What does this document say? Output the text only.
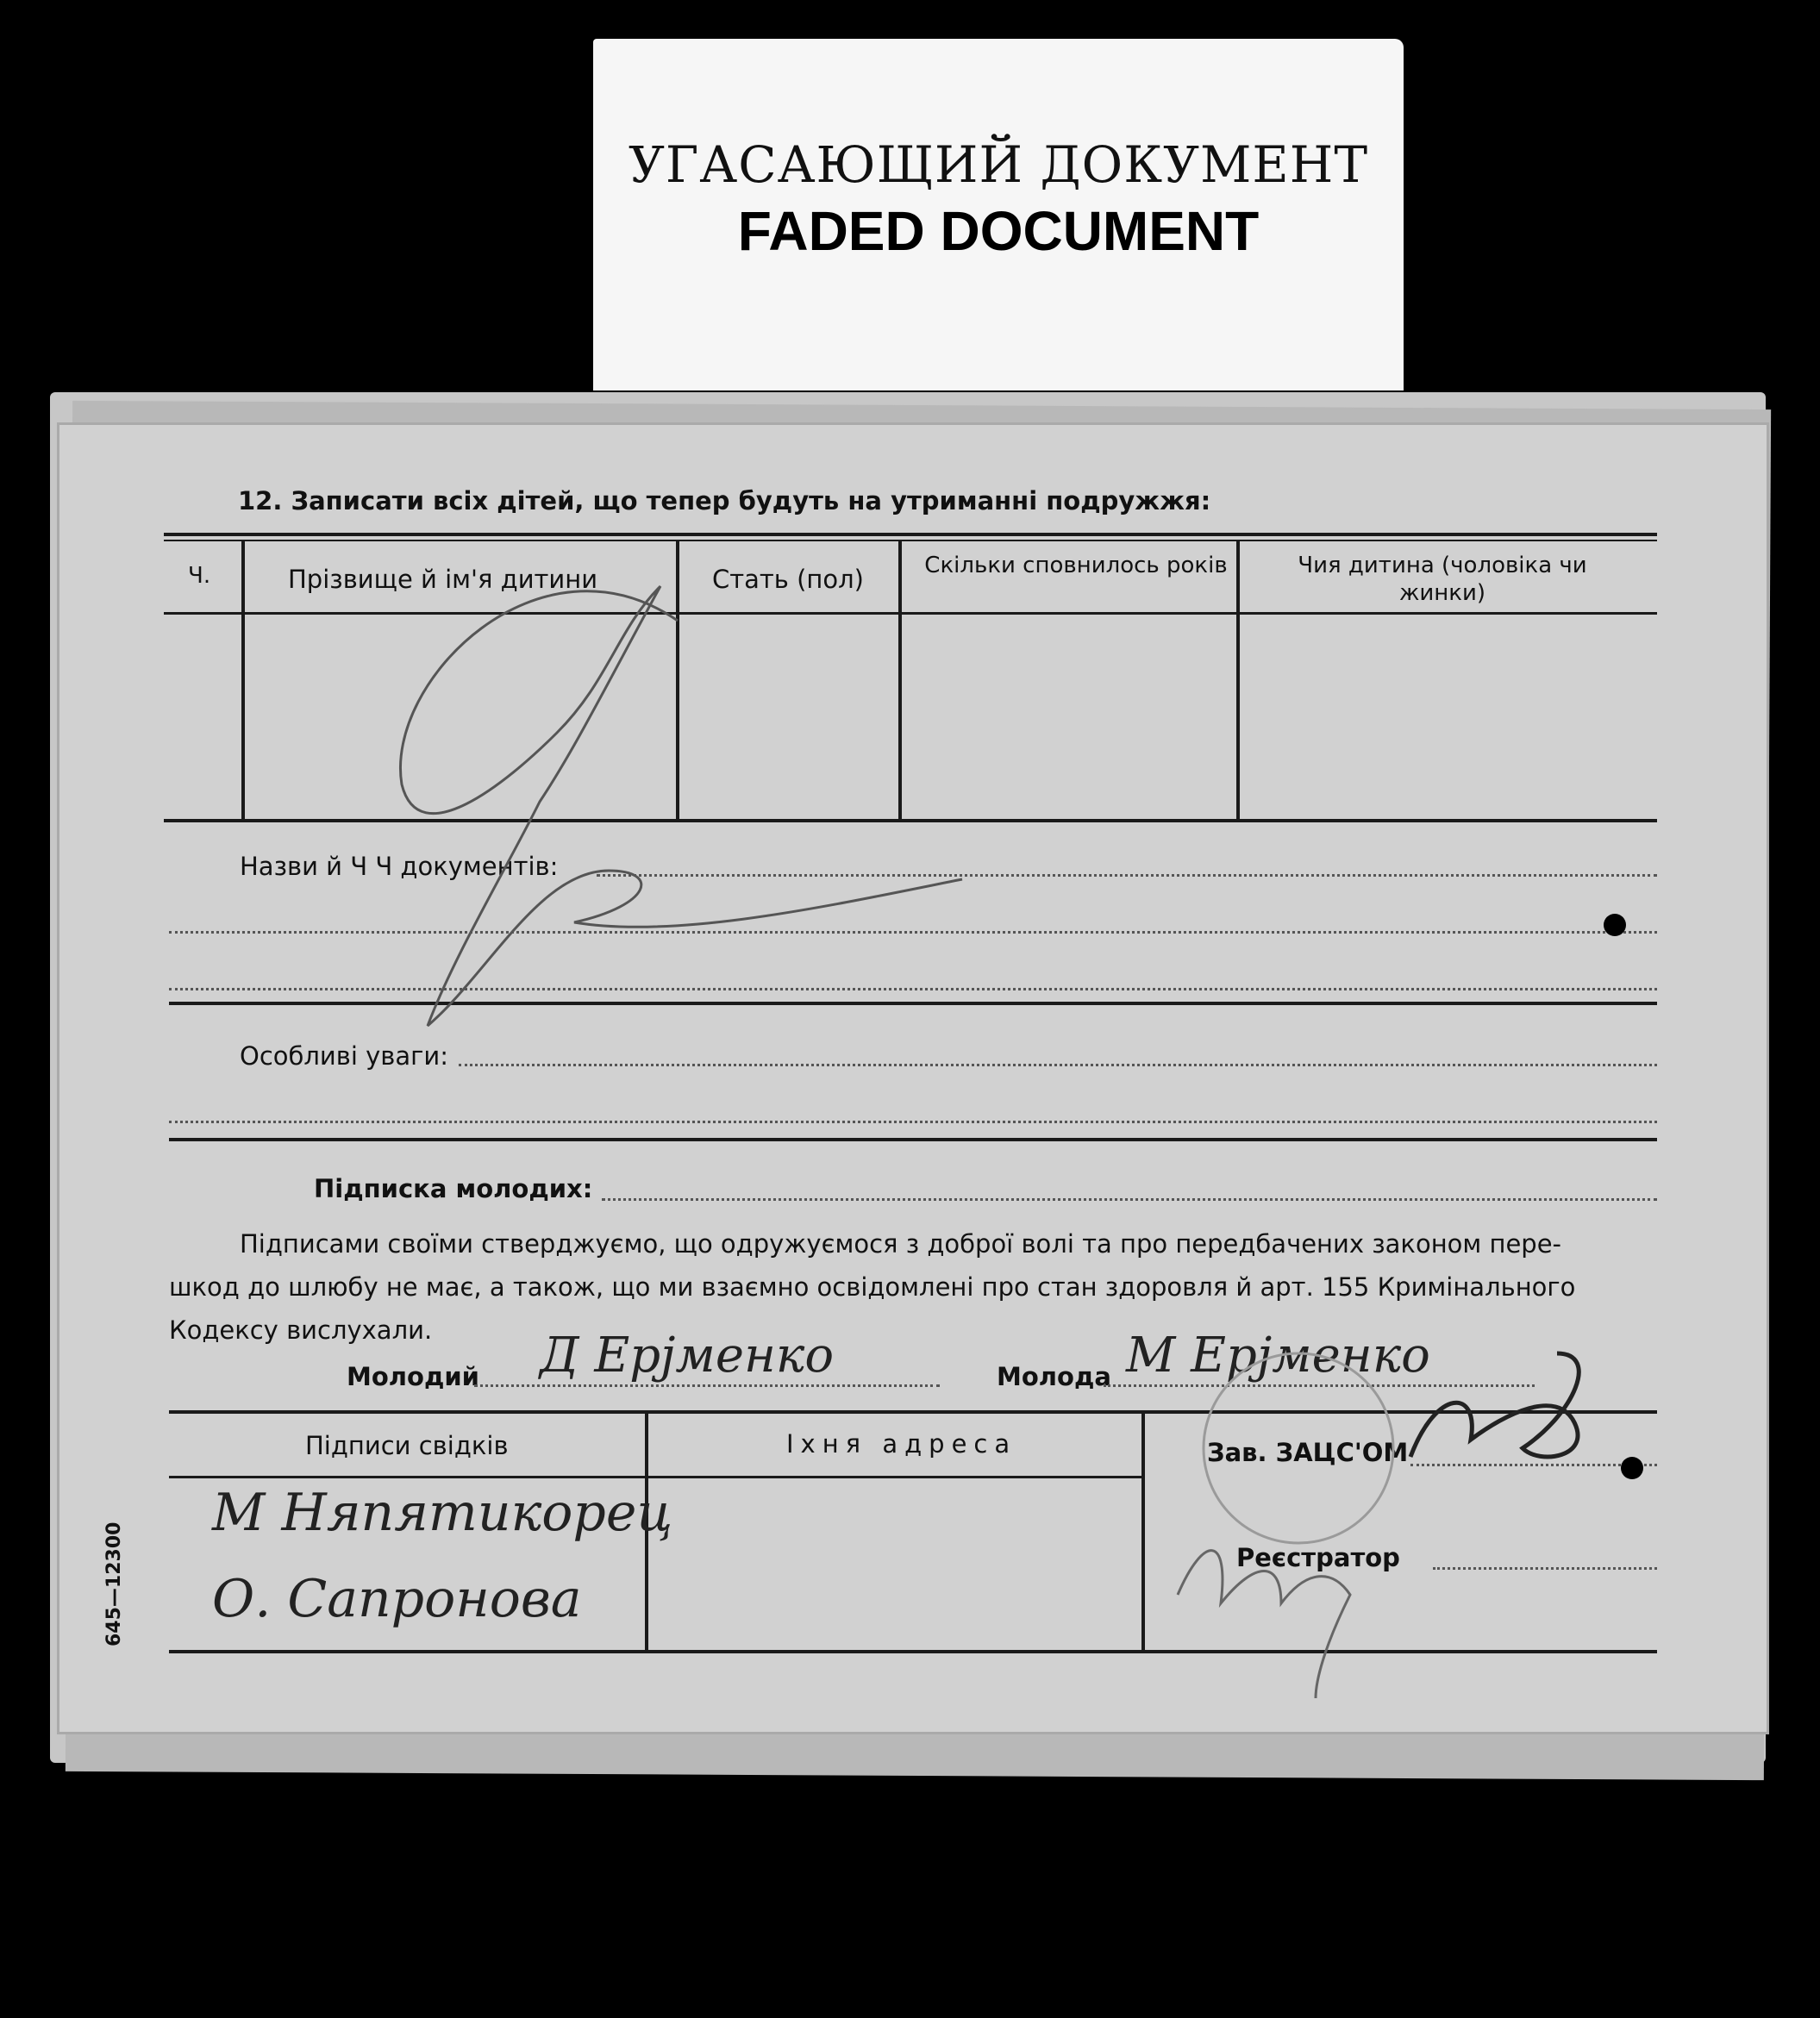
УГАСАЮЩИЙ ДОКУМЕНТ
FADED DOCUMENT
12. Записати всіх дітей, що тепер будуть на утриманні подружжя:
Ч.	Прізвище й ім'я дитини	Стать (пол)	Скільки сповнилось років	Чия дитина (чоловіка чи жинки)
Назви й Ч Ч документів:
Особливі уваги:
Підписка молодих:
Підписами своїми стверджуємо, що одружуємося з доброї волі та про передбачених законом пере-
шкод до шлюбу не має, а також, що ми взаємно освідомлені про стан здоровля й арт. 155 Кримінального
Кодексу вислухали.
Молодий Д Ерjменко	Молода М Ерjменко
Підписи свідків	Іхня адреса
М Няпятикорец
О. Сапронова
Зав. ЗАЦС'ОМ
Реєстратор
645—12300
